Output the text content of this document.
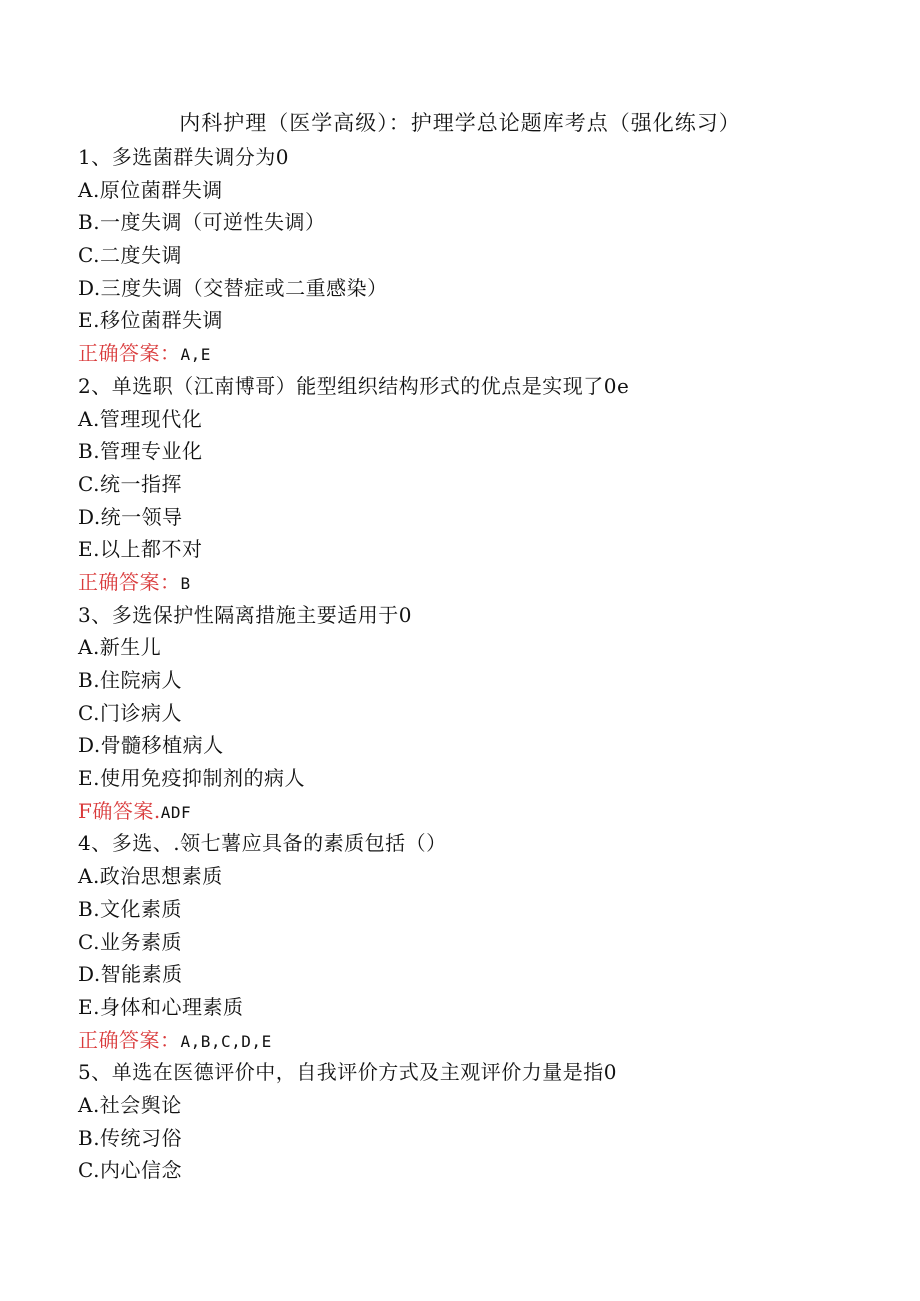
内科护理（医学高级）：护理学总论题库考点（强化练习）
1、多选菌群失调分为0
A.原位菌群失调
B.一度失调（可逆性失调）
C.二度失调
D.三度失调（交替症或二重感染）
E.移位菌群失调
正确答案：A,E
2、单选职（江南博哥）能型组织结构形式的优点是实现了0e
A.管理现代化
B.管理专业化
C.统一指挥
D.统一领导
E.以上都不对
正确答案：B
3、多选保护性隔离措施主要适用于0
A.新生儿
B.住院病人
C.门诊病人
D.骨髓移植病人
E.使用免疫抑制剂的病人
F确答案.ADF
4、多选、.领七薯应具备的素质包括（）
A.政治思想素质
B.文化素质
C.业务素质
D.智能素质
E.身体和心理素质
正确答案：A,B,C,D,E
5、单选在医德评价中，自我评价方式及主观评价力量是指0
A.社会舆论
B.传统习俗
C.内心信念
